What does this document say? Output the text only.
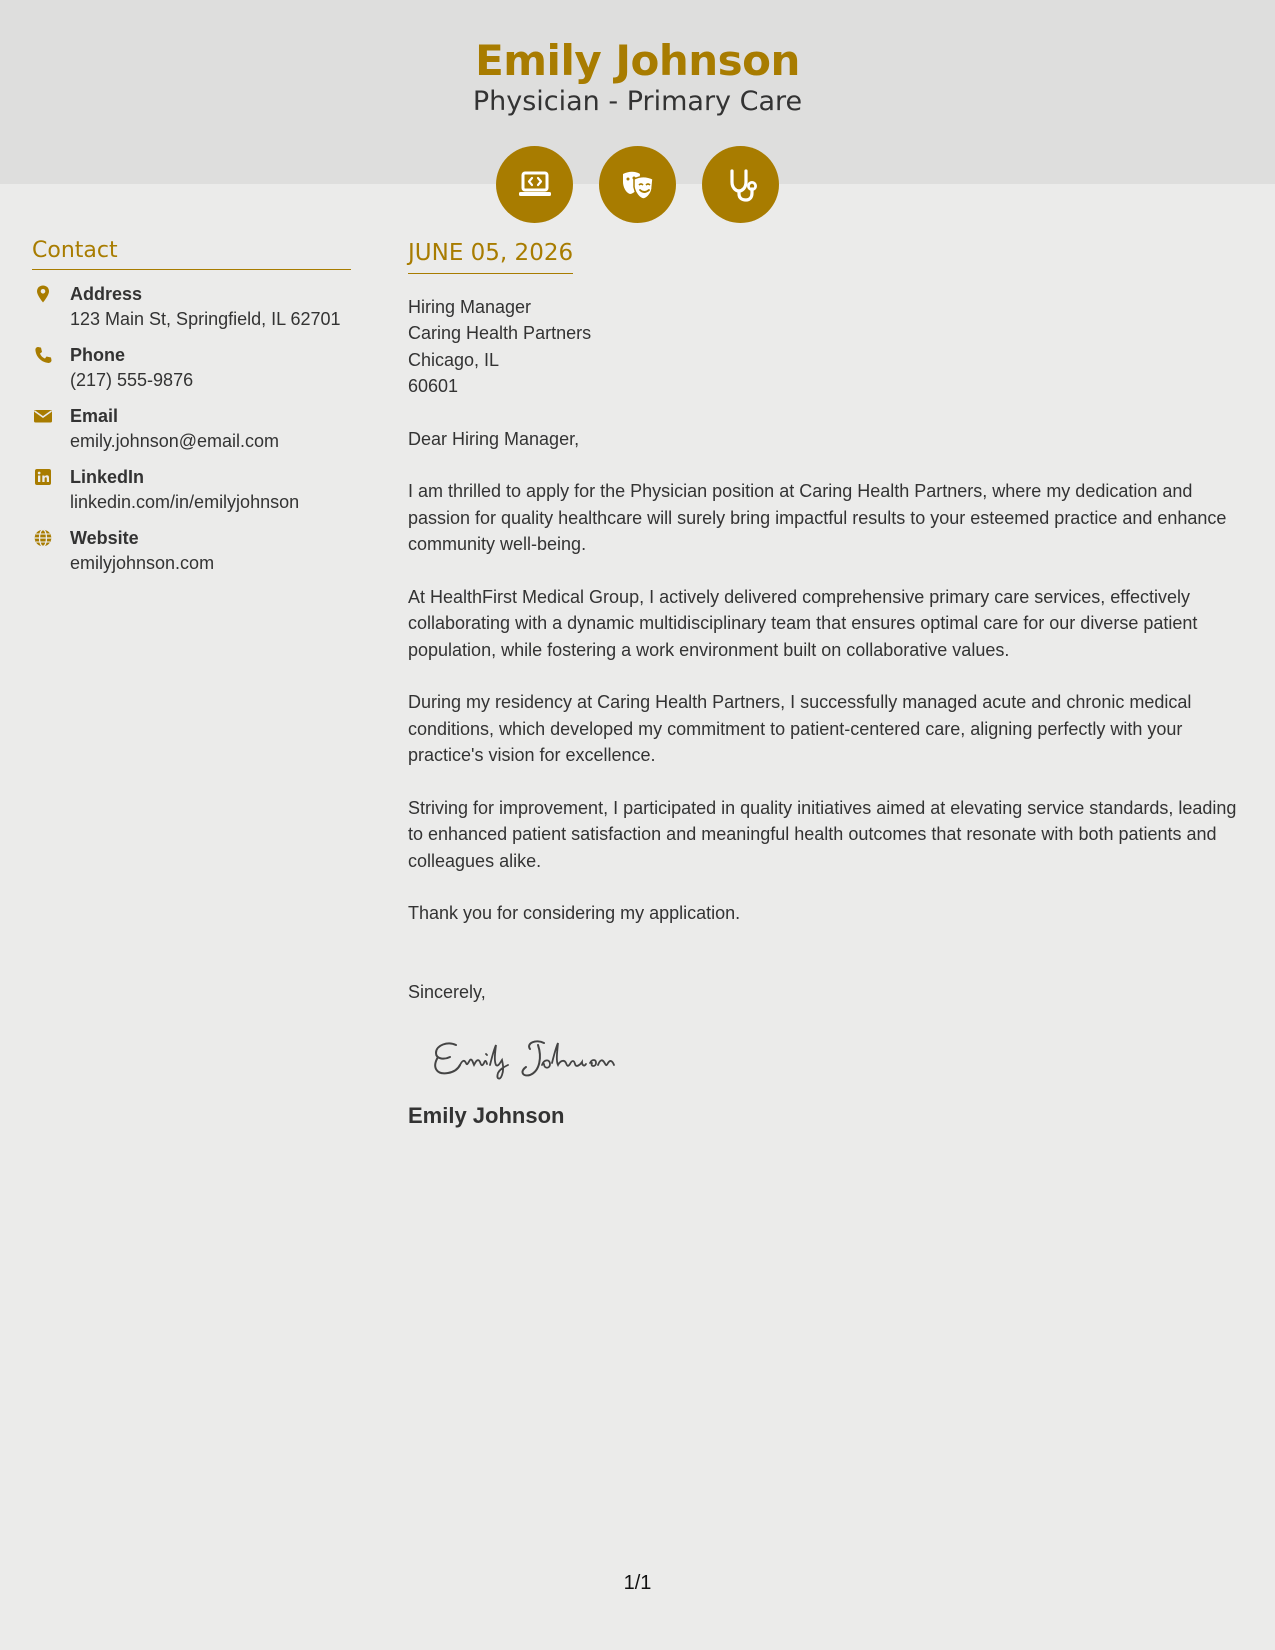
Emily Johnson
Physician - Primary Care
Contact
Address
123 Main St, Springfield, IL 62701
Phone
(217) 555-9876
Email
emily.johnson@email.com
LinkedIn
linkedin.com/in/emilyjohnson
Website
emilyjohnson.com
JUNE 05, 2026
Hiring Manager
Caring Health Partners
Chicago, IL
60601
Dear Hiring Manager,
I am thrilled to apply for the Physician position at Caring Health Partners, where my dedication and passion for quality healthcare will surely bring impactful results to your esteemed practice and enhance community well-being.
At HealthFirst Medical Group, I actively delivered comprehensive primary care services, effectively collaborating with a dynamic multidisciplinary team that ensures optimal care for our diverse patient population, while fostering a work environment built on collaborative values.
During my residency at Caring Health Partners, I successfully managed acute and chronic medical conditions, which developed my commitment to patient-centered care, aligning perfectly with your practice's vision for excellence.
Striving for improvement, I participated in quality initiatives aimed at elevating service standards, leading to enhanced patient satisfaction and meaningful health outcomes that resonate with both patients and colleagues alike.
Thank you for considering my application.
Sincerely,
Emily Johnson
1/1
